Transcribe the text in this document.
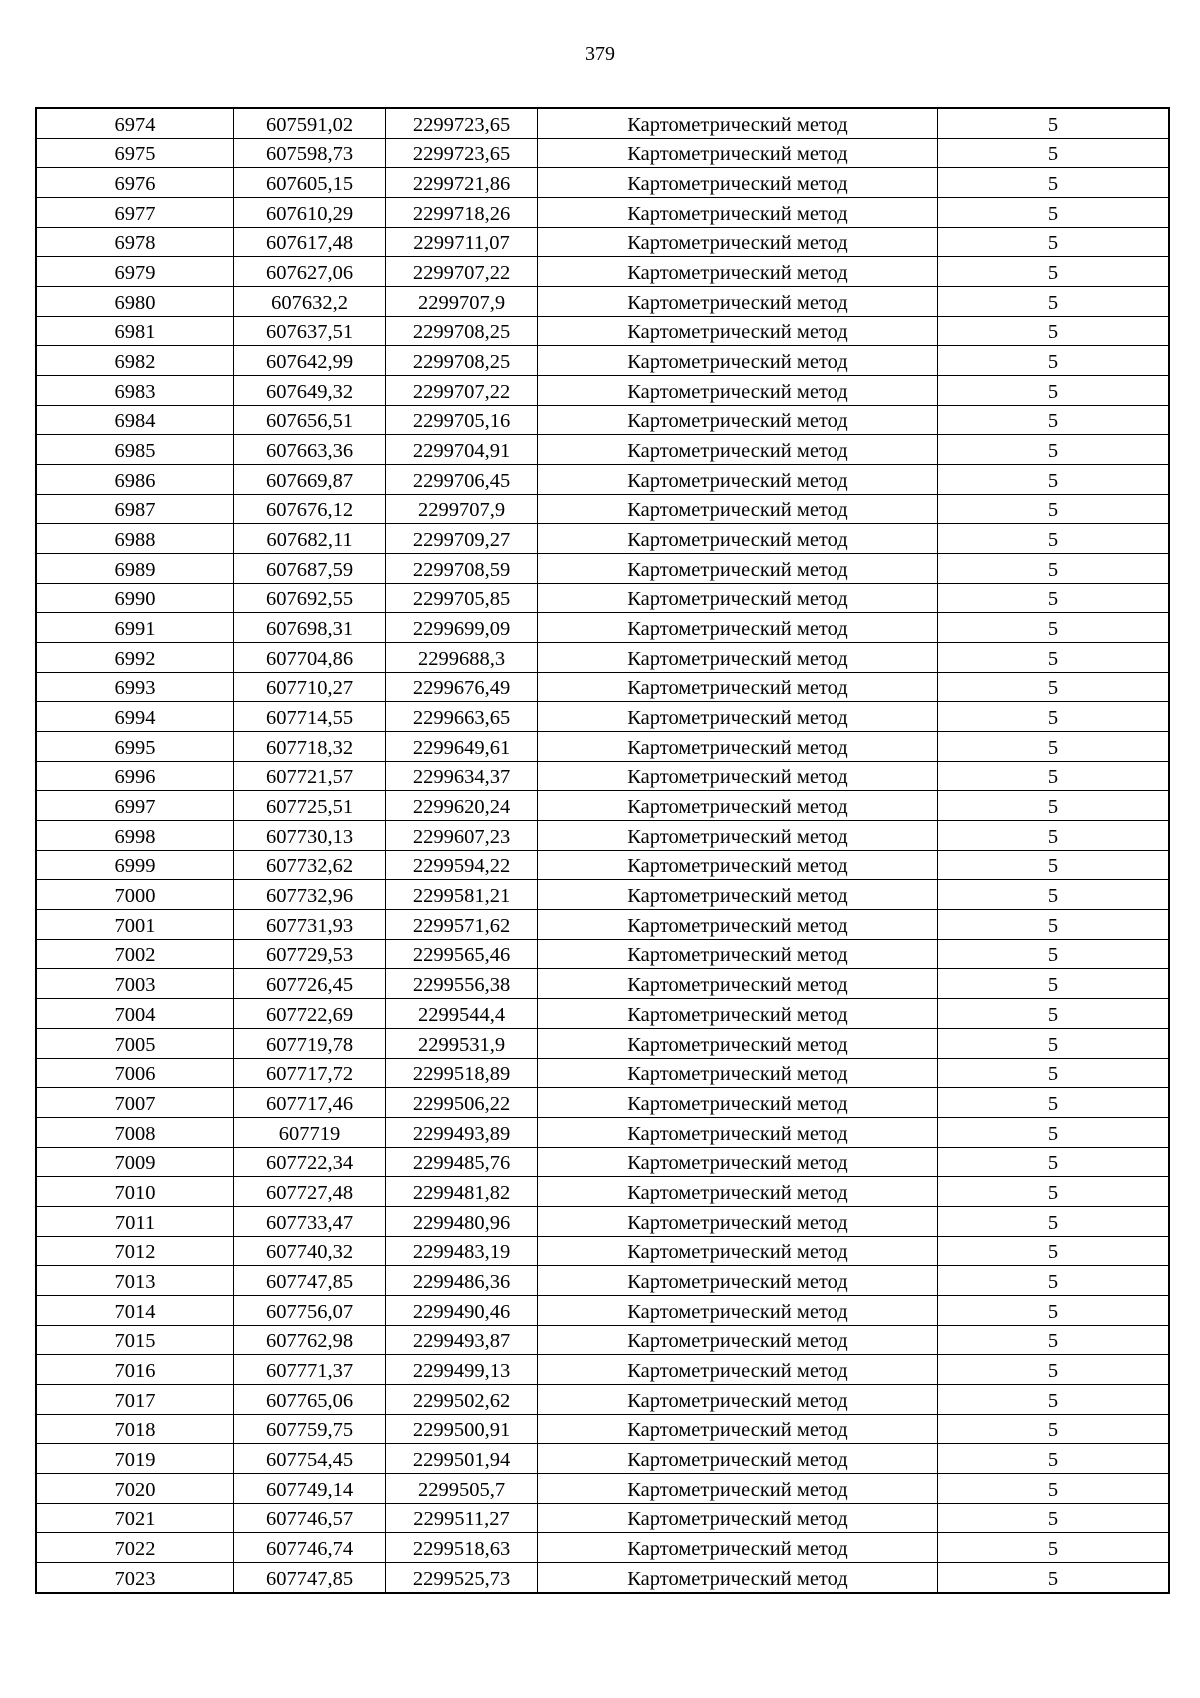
379
6974	607591,02	2299723,65	Картометрический метод	5
6975	607598,73	2299723,65	Картометрический метод	5
6976	607605,15	2299721,86	Картометрический метод	5
6977	607610,29	2299718,26	Картометрический метод	5
6978	607617,48	2299711,07	Картометрический метод	5
6979	607627,06	2299707,22	Картометрический метод	5
6980	607632,2	2299707,9	Картометрический метод	5
6981	607637,51	2299708,25	Картометрический метод	5
6982	607642,99	2299708,25	Картометрический метод	5
6983	607649,32	2299707,22	Картометрический метод	5
6984	607656,51	2299705,16	Картометрический метод	5
6985	607663,36	2299704,91	Картометрический метод	5
6986	607669,87	2299706,45	Картометрический метод	5
6987	607676,12	2299707,9	Картометрический метод	5
6988	607682,11	2299709,27	Картометрический метод	5
6989	607687,59	2299708,59	Картометрический метод	5
6990	607692,55	2299705,85	Картометрический метод	5
6991	607698,31	2299699,09	Картометрический метод	5
6992	607704,86	2299688,3	Картометрический метод	5
6993	607710,27	2299676,49	Картометрический метод	5
6994	607714,55	2299663,65	Картометрический метод	5
6995	607718,32	2299649,61	Картометрический метод	5
6996	607721,57	2299634,37	Картометрический метод	5
6997	607725,51	2299620,24	Картометрический метод	5
6998	607730,13	2299607,23	Картометрический метод	5
6999	607732,62	2299594,22	Картометрический метод	5
7000	607732,96	2299581,21	Картометрический метод	5
7001	607731,93	2299571,62	Картометрический метод	5
7002	607729,53	2299565,46	Картометрический метод	5
7003	607726,45	2299556,38	Картометрический метод	5
7004	607722,69	2299544,4	Картометрический метод	5
7005	607719,78	2299531,9	Картометрический метод	5
7006	607717,72	2299518,89	Картометрический метод	5
7007	607717,46	2299506,22	Картометрический метод	5
7008	607719	2299493,89	Картометрический метод	5
7009	607722,34	2299485,76	Картометрический метод	5
7010	607727,48	2299481,82	Картометрический метод	5
7011	607733,47	2299480,96	Картометрический метод	5
7012	607740,32	2299483,19	Картометрический метод	5
7013	607747,85	2299486,36	Картометрический метод	5
7014	607756,07	2299490,46	Картометрический метод	5
7015	607762,98	2299493,87	Картометрический метод	5
7016	607771,37	2299499,13	Картометрический метод	5
7017	607765,06	2299502,62	Картометрический метод	5
7018	607759,75	2299500,91	Картометрический метод	5
7019	607754,45	2299501,94	Картометрический метод	5
7020	607749,14	2299505,7	Картометрический метод	5
7021	607746,57	2299511,27	Картометрический метод	5
7022	607746,74	2299518,63	Картометрический метод	5
7023	607747,85	2299525,73	Картометрический метод	5
